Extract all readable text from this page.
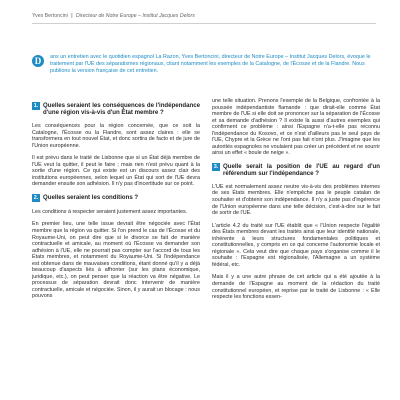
Yves Bertoncini | Directeur de Notre Europe – Institut Jacques Delors
D	ans un entretien avec le quotidien espagnol La Razon, Yves Bertoncini, directeur de Notre Europe – Institut Jacques Delors, évoque le traitement par l'UE des séparatismes régionaux, citant notamment les exemples de la Catalogne, de l'Écosse et de la Flandre. Nous publions la version française de cet entretien.
1. Quelles seraient les conséquences de l'indépendance d'une région vis-à-vis d'un État membre ?

Les conséquences pour la région concernée, que ce soit la Catalogne, l'Écosse ou la Flandre, sont assez claires : elle se transformera en tout nouvel État, et donc sortira de facto et de jure de l'Union européenne.

Il est prévu dans le traité de Lisbonne que si un État déjà membre de l'UE veut la quitter, il peut le faire ; mais rien n'est prévu quant à la sortie d'une région. Ce qui existe est un discours assez clair des institutions européennes, selon lequel un État qui sort de l'UE devra demander ensuite son adhésion. Il n'y pas d'incertitude sur ce point.

2. Quelles seraient les conditions ?

Les conditions à respecter seraient justement assez importantes.

En premier lieu, une telle issue devrait être négociée avec l'État membre que la région va quitter. Si l'on prend le cas de l'Écosse et du Royaume-Uni, on peut dire que si le divorce se fait de manière contractuelle et amicale, au moment où l'Écosse va demander son adhésion à l'UE, elle ne pourrait pas compter sur l'accord de tous les États membres, et notamment du Royaume-Uni. Si l'indépendance est obtenue dans de mauvaises conditions, étant donné qu'il y a déjà beaucoup d'aspects liés à affronter (sur les plans économique, juridique, etc.), on peut penser que la réaction va être négative. Le processus de séparation devrait donc intervenir de manière contractuelle, amicale et négociée. Sinon, il y aurait un blocage : nous pouvons

une telle situation. Prenons l'exemple de la Belgique, confrontée à la poussée indépendantiste flamande : que dirait-elle comme État membre de l'UE si elle doit se prononcer sur la séparation de l'Écosse et sa demande d'adhésion ? Il existe là aussi d'autres exemples qui confirment ce problème : ainsi l'Espagne n'a-t-elle pas reconnu l'indépendance du Kosovo, et ce n'est d'ailleurs pas le seul pays de l'UE, Chypre et la Grèce ne l'ont pas fait n'ont plus. J'imagine que les autorités espagnoles ne voulaient pas créer un précédent et ne sourrir ainsi un effet « boule de neige ».

3. Quelle serait la position de l'UE au regard d'un référendum sur l'indépendance ?

L'UE est normalement assez neutre vis-à-vis des problèmes internes de ses États membres. Elle n'empêche pas le peuple catalan de souhaiter et d'obtenir son indépendance. Il n'y a juste pas d'ingérence de l'Union européenne dans une telle décision, c'est-à-dire sur le fait de sortir de l'UE.

L'article 4.2 du traité sur l'UE établit que « l'Union respecte l'égalité des États membres devant les traités ainsi que leur identité nationale, inhérente à leurs structures fondamentales politiques et constitutionnelles, y compris en ce qui concerne l'autonomie locale et régionale ». Cela veut dire que chaque pays s'organise comme il le souhaite : l'Espagne est régionalisée, l'Allemagne a un système fédéral, etc.

Mais il y a une autre phrase de cet article qui a été ajoutée à la demande de l'Espagne au moment de la rédaction du traité constitutionnel européen, et reprise par le traité de Lisbonne : « Elle respecte les fonctions essen-
